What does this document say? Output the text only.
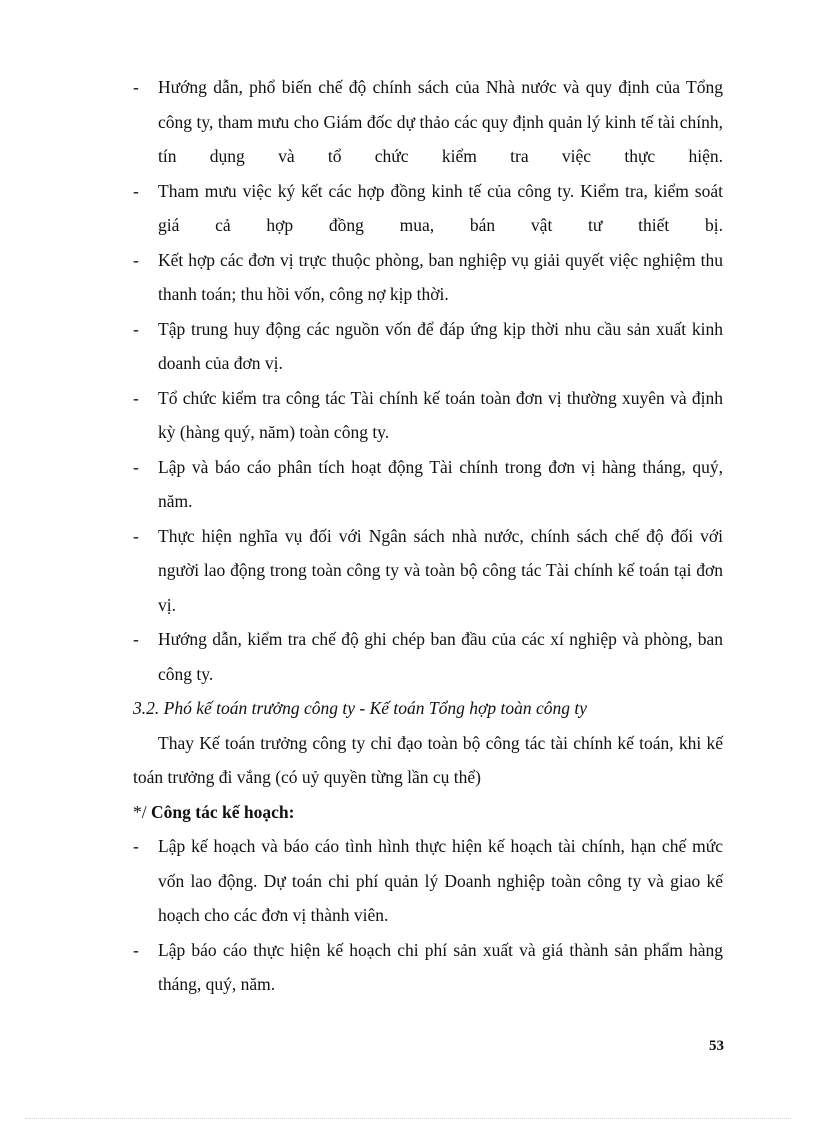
- Hướng dẫn, phổ biến chế độ chính sách của Nhà nước và quy định của Tổng công ty, tham mưu cho Giám đốc dự thảo các quy định quản lý kinh tế tài chính, tín dụng và tổ chức kiểm tra việc thực hiện.
- Tham mưu việc ký kết các hợp đồng kinh tế của công ty. Kiểm tra, kiểm soát giá cả hợp đồng mua, bán vật tư thiết bị.
- Kết hợp các đơn vị trực thuộc phòng, ban nghiệp vụ giải quyết việc nghiệm thu thanh toán; thu hồi vốn, công nợ kịp thời.
- Tập trung huy động các nguồn vốn để đáp ứng kịp thời nhu cầu sản xuất kinh doanh của đơn vị.
- Tổ chức kiểm tra công tác Tài chính kế toán toàn đơn vị thường xuyên và định kỳ (hàng quý, năm) toàn công ty.
- Lập và báo cáo phân tích hoạt động Tài chính trong đơn vị hàng tháng, quý, năm.
- Thực hiện nghĩa vụ đối với Ngân sách nhà nước, chính sách chế độ đối với người lao động trong toàn công ty và toàn bộ công tác Tài chính kế toán tại đơn vị.
- Hướng dẫn, kiểm tra chế độ ghi chép ban đầu của các xí nghiệp và phòng, ban công ty.

3.2. Phó kế toán trưởng công ty - Kế toán Tổng hợp toàn công ty

Thay Kế toán trưởng công ty chỉ đạo toàn bộ công tác tài chính kế toán, khi kế toán trưởng đi vắng (có uỷ quyền từng lần cụ thể)

*/ Công tác kế hoạch:

- Lập kế hoạch và báo cáo tình hình thực hiện kế hoạch tài chính, hạn chế mức vốn lao động. Dự toán chi phí quản lý Doanh nghiệp toàn công ty và giao kế hoạch cho các đơn vị thành viên.
- Lập báo cáo thực hiện kế hoạch chi phí sản xuất và giá thành sản phẩm hàng tháng, quý, năm.
53
